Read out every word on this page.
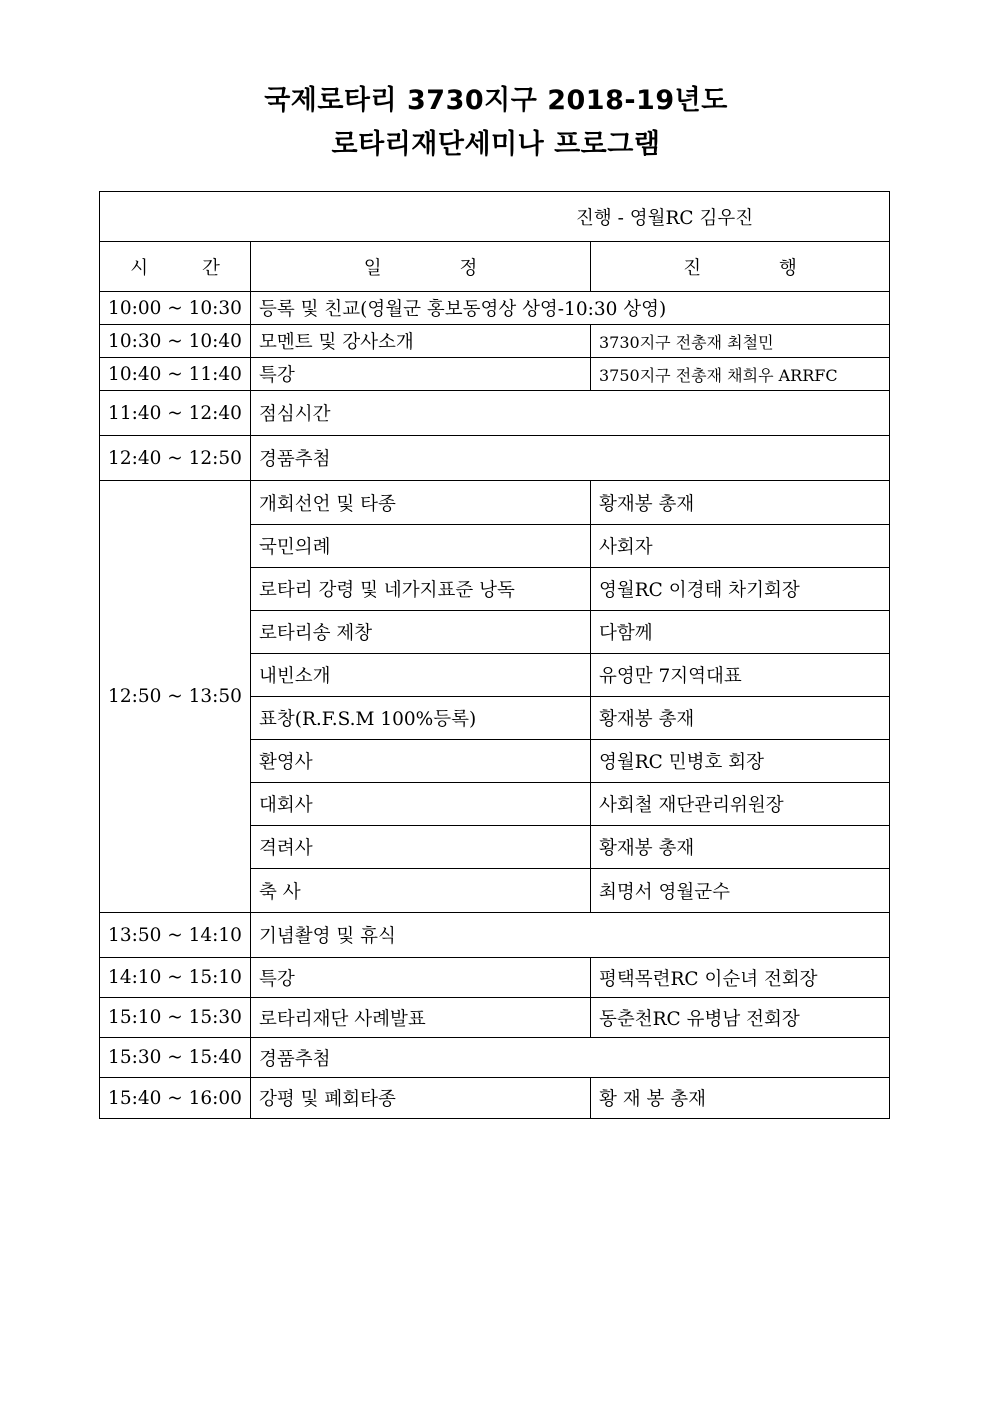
국제로타리 3730지구 2018-19년도
로타리재단세미나 프로그램
진행 - 영월RC 김우진		
시 간	일 정	진 행
10:00 ~ 10:30	등록 및 친교(영월군 홍보동영상 상영-10:30 상영)	
10:30 ~ 10:40	모멘트 및 강사소개	3730지구 전총재 최철민
10:40 ~ 11:40	특강	3750지구 전총재 채희우 ARRFC
11:40 ~ 12:40	점심시간	
12:40 ~ 12:50	경품추첨	
12:50 ~ 13:50	개회선언 및 타종	황재봉 총재
	국민의례	사회자
	로타리 강령 및 네가지표준 낭독	영월RC 이경태 차기회장
	로타리송 제창	다함께
	내빈소개	유영만 7지역대표
	표창(R.F.S.M 100%등록)	황재봉 총재
	환영사	영월RC 민병호 회장
	대회사	사회철 재단관리위원장
	격려사	황재봉 총재
	축 사	최명서 영월군수
13:50 ~ 14:10	기념촬영 및 휴식	
14:10 ~ 15:10	특강	평택목련RC 이순녀 전회장
15:10 ~ 15:30	로타리재단 사례발표	동춘천RC 유병남 전회장
15:30 ~ 15:40	경품추첨	
15:40 ~ 16:00	강평 및 폐회타종	황 재 봉 총재
